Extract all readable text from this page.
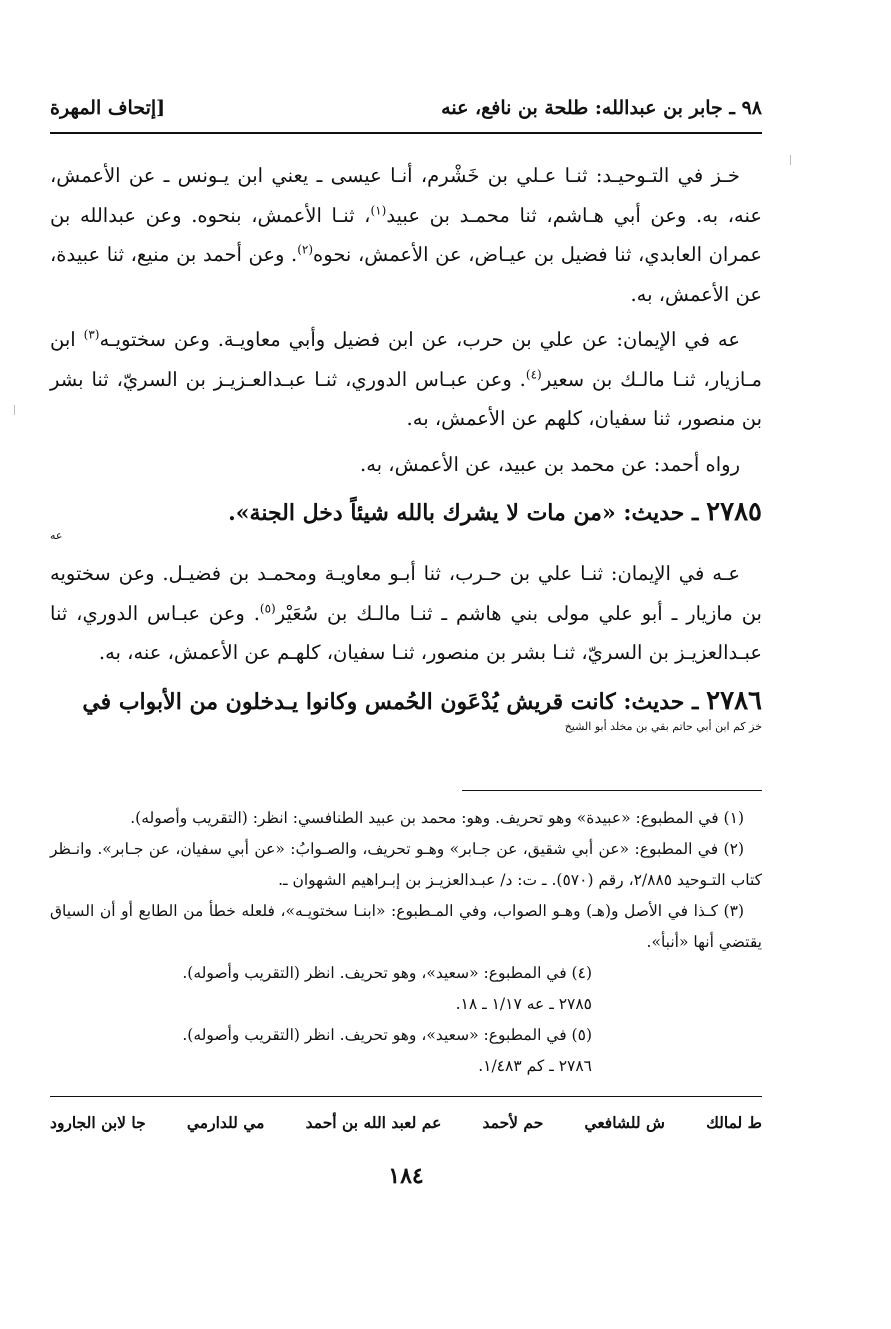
٩٨ ـ جابر بن عبدالله: طلحة بن نافع، عنه
[إتحاف المهرة

خـز في التـوحيـد: ثنـا عـلي بن خَشْرم، أنـا عيسى ـ يعني ابن يـونس ـ عن الأعمش، عنه، به. وعن أبي هـاشم، ثنا محمـد بن عبيد$^{(١)}$، ثنـا الأعمش، بنحوه. وعن عبدالله بن عمران العابدي، ثنا فضيل بن عيـاض، عن الأعمش، نحوه$^{(٢)}$. وعن أحمد بن منيع، ثنا عبيدة، عن الأعمش، به.

عه في الإيمان: عن علي بن حرب، عن ابن فضيل وأبي معاويـة. وعن سختويـه$^{(٣)}$ ابن مـازيار، ثنـا مالـك بن سعير$^{(٤)}$. وعن عبـاس الدوري، ثنـا عبـدالعـزيـز بن السريّ، ثنا بشر بن منصور، ثنا سفيان، كلهم عن الأعمش، به.

رواه أحمد: عن محمد بن عبيد، عن الأعمش، به.

٢٧٨٥ ـ حديث: «من مات لا يشرك بالله شيئاً دخل الجنة».

عه

عـه في الإيمان: ثنـا علي بن حـرب، ثنا أبـو معاويـة ومحمـد بن فضيـل. وعن سختويه بن مازيار ـ أبو علي مولى بني هاشم ـ ثنـا مالـك بن سُعَيْر$^{(٥)}$. وعن عبـاس الدوري، ثنا عبـدالعزيـز بن السريّ، ثنـا بشر بن منصور، ثنـا سفيان، كلهـم عن الأعمش، عنه، به.

٢٧٨٦ ـ حديث: كانت قريش يُدْعَون الحُمس وكانوا يـدخلون من الأبواب في

خز كم ابن أبي حاتم بقي بن مخلد أبو الشيخ

(١) في المطبوع: «عبيدة» وهو تحريف. وهو: محمد بن عبيد الطنافسي: انظر: (التقريب وأصوله).

(٢) في المطبوع: «عن أبي شقيق، عن جـابر» وهـو تحريف، والصـوابُ: «عن أبي سفيان، عن جـابر». وانـظر كتاب التـوحيد ٢/٨٨٥، رقم (٥٧٠). ـ ت: د/ عبـدالعزيـز بن إبـراهيم الشهوان ـ.

(٣) كـذا في الأصل و(هـ) وهـو الصواب، وفي المـطبوع: «ابنـا سختويـه»، فلعله خطأ من الطابع أو أن السياق يقتضي أنها «أنبأ».

(٤) في المطبوع: «سعيد»، وهو تحريف. انظر (التقريب وأصوله).

٢٧٨٥ ـ عه ١/١٧ ـ ١٨.

(٥) في المطبوع: «سعيد»، وهو تحريف. انظر (التقريب وأصوله).

٢٧٨٦ ـ كم ١/٤٨٣.

ط لمالك
ش للشافعي
حم لأحمد
عم لعبد الله بن أحمد
مي للدارمي
جا لابن الجارود
١٨٤
